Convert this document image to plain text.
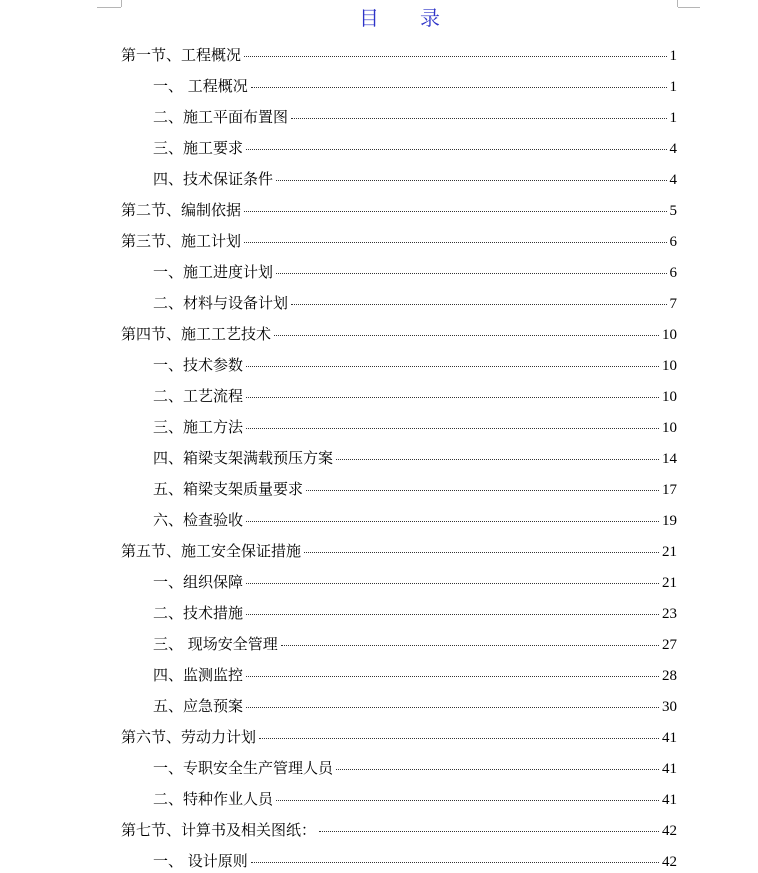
目 录
第一节、工程概况	1
一、 工程概况	1
二、施工平面布置图	1
三、施工要求	4
四、技术保证条件	4
第二节、编制依据	5
第三节、施工计划	6
一、施工进度计划	6
二、材料与设备计划	7
第四节、施工工艺技术	10
一、技术参数	10
二、工艺流程	10
三、施工方法	10
四、箱梁支架满载预压方案	14
五、箱梁支架质量要求	17
六、检查验收	19
第五节、施工安全保证措施	21
一、组织保障	21
二、技术措施	23
三、 现场安全管理	27
四、监测监控	28
五、应急预案	30
第六节、劳动力计划	41
一、专职安全生产管理人员	41
二、特种作业人员	41
第七节、计算书及相关图纸：	42
一、 设计原则	42
